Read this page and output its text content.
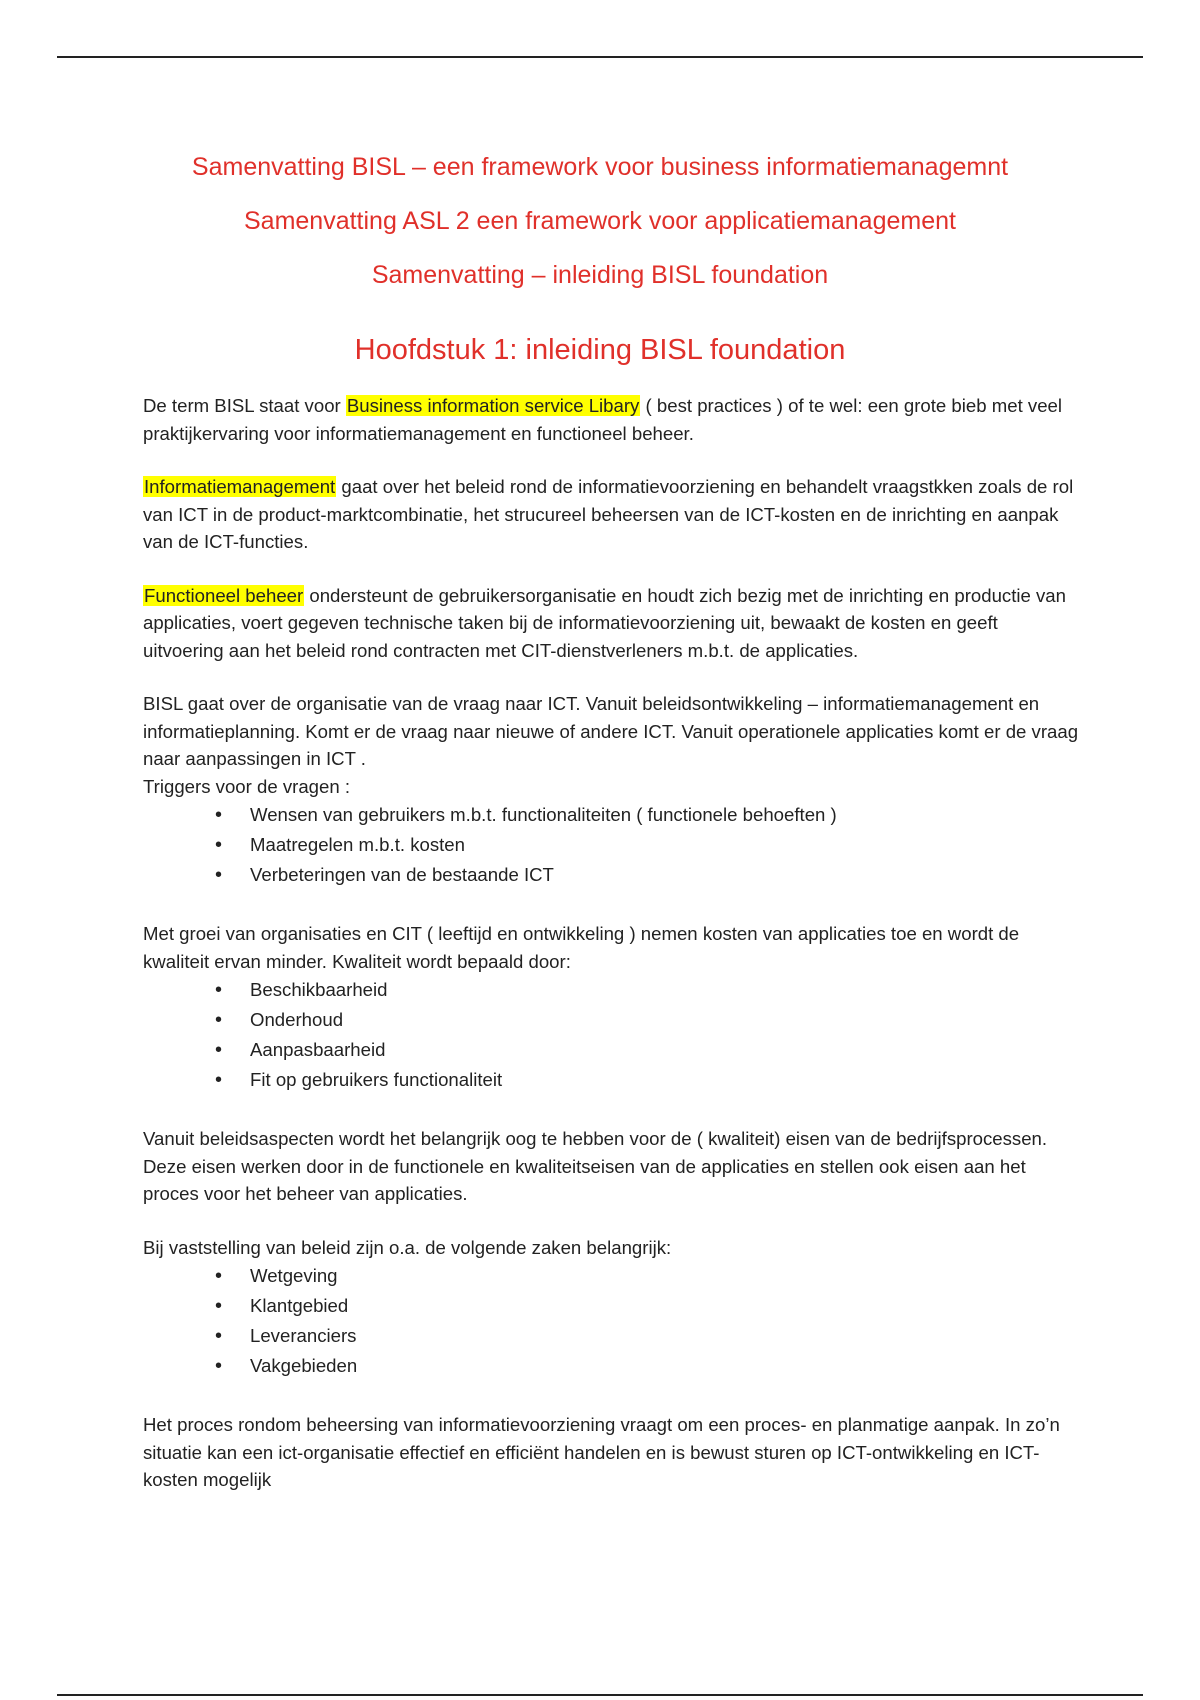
Samenvatting BISL – een framework voor business informatiemanagemnt
Samenvatting ASL 2 een framework voor applicatiemanagement
Samenvatting – inleiding BISL foundation
Hoofdstuk 1: inleiding BISL foundation

De term BISL staat voor Business information service Libary ( best practices ) of te wel: een grote bieb met veel praktijkervaring voor informatiemanagement en functioneel beheer.

Informatiemanagement gaat over het beleid rond de informatievoorziening en behandelt vraagstkken zoals de rol van ICT in de product-marktcombinatie, het strucureel beheersen van de ICT-kosten en de inrichting en aanpak van de ICT-functies.

Functioneel beheer ondersteunt de gebruikersorganisatie en houdt zich bezig met de inrichting en productie van applicaties, voert gegeven technische taken bij de informatievoorziening uit, bewaakt de kosten en geeft uitvoering aan het beleid rond contracten met CIT-dienstverleners m.b.t. de applicaties.

BISL gaat over de organisatie van de vraag naar ICT. Vanuit beleidsontwikkeling – informatiemanagement en informatieplanning. Komt er de vraag naar nieuwe of andere ICT. Vanuit operationele applicaties komt er de vraag naar aanpassingen in ICT .

Triggers voor de vragen :

• Wensen van gebruikers m.b.t. functionaliteiten ( functionele behoeften )
• Maatregelen m.b.t. kosten
• Verbeteringen van de bestaande ICT

Met groei van organisaties en CIT ( leeftijd en ontwikkeling ) nemen kosten van applicaties toe en wordt de kwaliteit ervan minder. Kwaliteit wordt bepaald door:

• Beschikbaarheid
• Onderhoud
• Aanpasbaarheid
• Fit op gebruikers functionaliteit

Vanuit beleidsaspecten wordt het belangrijk oog te hebben voor de ( kwaliteit) eisen van de bedrijfsprocessen. Deze eisen werken door in de functionele en kwaliteitseisen van de applicaties en stellen ook eisen aan het proces voor het beheer van applicaties.

Bij vaststelling van beleid zijn o.a. de volgende zaken belangrijk:

• Wetgeving
• Klantgebied
• Leveranciers
• Vakgebieden

Het proces rondom beheersing van informatievoorziening vraagt om een proces- en planmatige aanpak. In zo’n situatie kan een ict-organisatie effectief en efficiënt handelen en is bewust sturen op ICT-ontwikkeling en ICT-kosten mogelijk
